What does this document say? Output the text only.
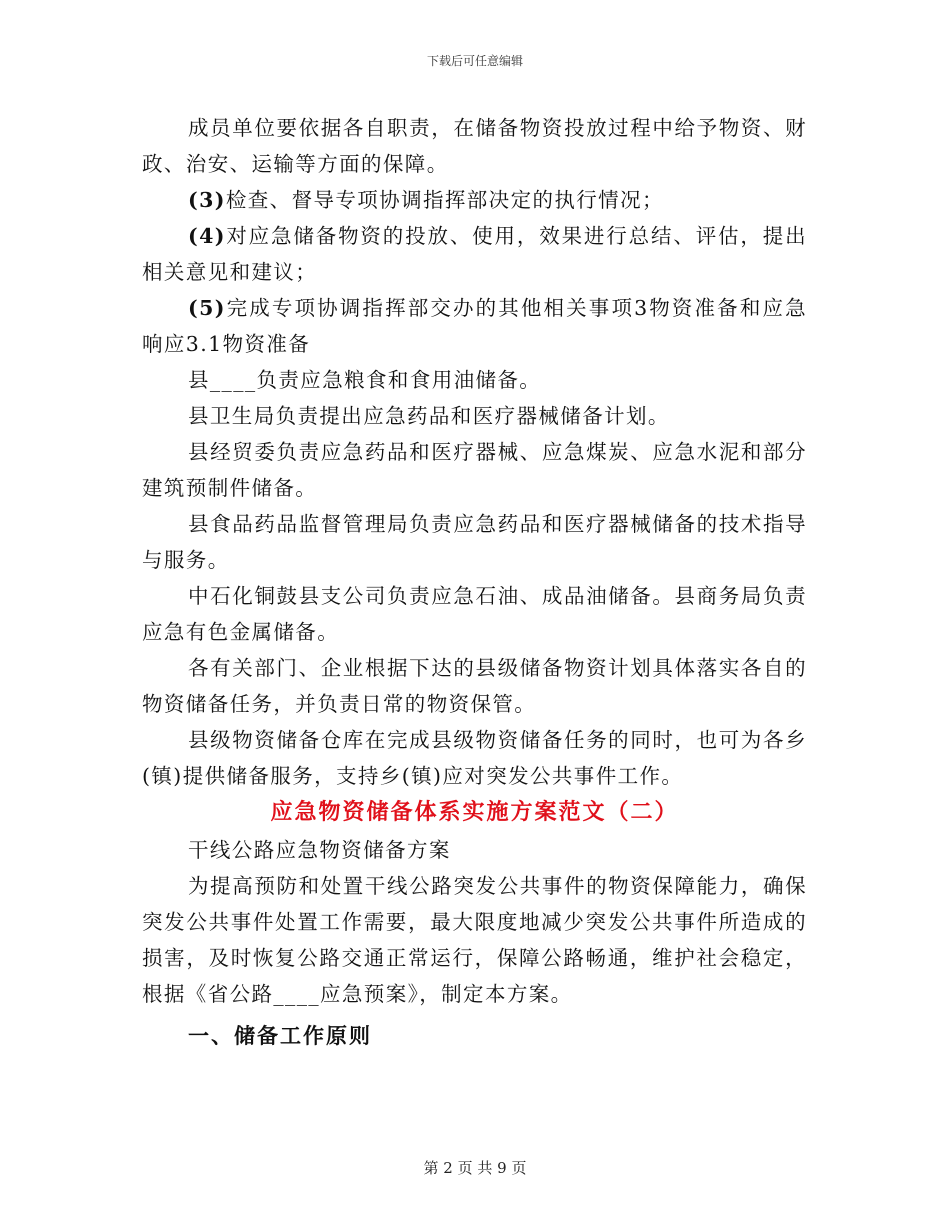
下载后可任意编辑

成员单位要依据各自职责，在储备物资投放过程中给予物资、财政、治安、运输等方面的保障。

(3)检查、督导专项协调指挥部决定的执行情况；

(4)对应急储备物资的投放、使用，效果进行总结、评估，提出相关意见和建议；

(5)完成专项协调指挥部交办的其他相关事项3物资准备和应急响应3.1物资准备

县____负责应急粮食和食用油储备。

县卫生局负责提出应急药品和医疗器械储备计划。

县经贸委负责应急药品和医疗器械、应急煤炭、应急水泥和部分建筑预制件储备。

县食品药品监督管理局负责应急药品和医疗器械储备的技术指导与服务。

中石化铜鼓县支公司负责应急石油、成品油储备。县商务局负责应急有色金属储备。

各有关部门、企业根据下达的县级储备物资计划具体落实各自的物资储备任务，并负责日常的物资保管。

县级物资储备仓库在完成县级物资储备任务的同时，也可为各乡(镇)提供储备服务，支持乡(镇)应对突发公共事件工作。

应急物资储备体系实施方案范文（二）

干线公路应急物资储备方案

为提高预防和处置干线公路突发公共事件的物资保障能力，确保突发公共事件处置工作需要，最大限度地减少突发公共事件所造成的损害，及时恢复公路交通正常运行，保障公路畅通，维护社会稳定，根据《省公路____应急预案》，制定本方案。

一、储备工作原则

第 2 页 共 9 页
